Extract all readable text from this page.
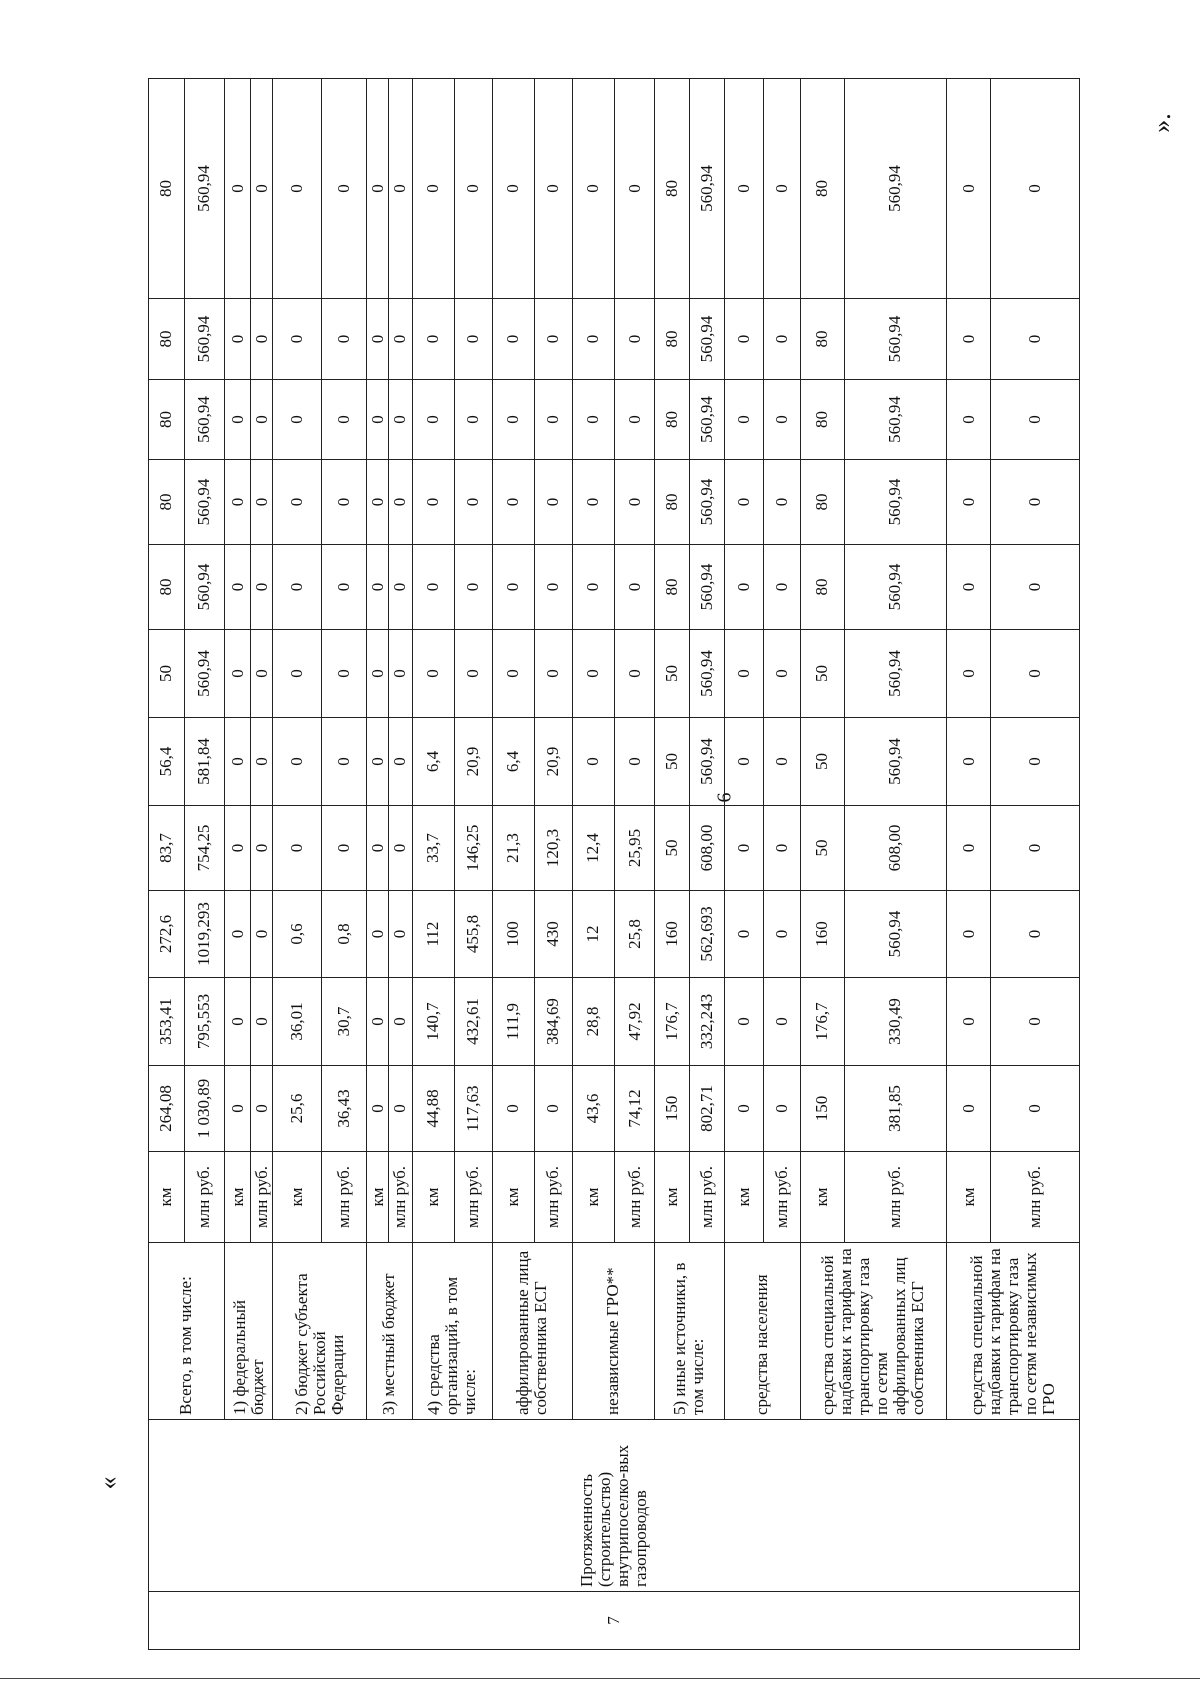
6
«
».
7	Протяженность (строительство) внутрипоселко-вых газопроводов	Всего, в том числе:	км	264,08	353,41	272,6	83,7	56,4	50	80	80	80	80	80
			млн руб.	1 030,89	795,553	1019,293	754,25	581,84	560,94	560,94	560,94	560,94	560,94	560,94
		1) федеральный бюджет	км	0	0	0	0	0	0	0	0	0	0	0
			млн руб.	0	0	0	0	0	0	0	0	0	0	0
		2) бюджет субъекта Российской Федерации	км	25,6	36,01	0,6	0	0	0	0	0	0	0	0
			млн руб.	36,43	30,7	0,8	0	0	0	0	0	0	0	0
		3) местный бюджет	км	0	0	0	0	0	0	0	0	0	0	0
			млн руб.	0	0	0	0	0	0	0	0	0	0	0
		4) средства организаций, в том числе:	км	44,88	140,7	112	33,7	6,4	0	0	0	0	0	0
			млн руб.	117,63	432,61	455,8	146,25	20,9	0	0	0	0	0	0
		аффилированные лица собственника ЕСГ	км	0	111,9	100	21,3	6,4	0	0	0	0	0	0
			млн руб.	0	384,69	430	120,3	20,9	0	0	0	0	0	0
		независимые ГРО**	км	43,6	28,8	12	12,4	0	0	0	0	0	0	0
			млн руб.	74,12	47,92	25,8	25,95	0	0	0	0	0	0	0
		5) иные источники, в том числе:	км	150	176,7	160	50	50	50	80	80	80	80	80
			млн руб.	802,71	332,243	562,693	608,00	560,94	560,94	560,94	560,94	560,94	560,94	560,94
		средства населения	км	0	0	0	0	0	0	0	0	0	0	0
			млн руб.	0	0	0	0	0	0	0	0	0	0	0
		средства специальной надбавки к тарифам на транспортировку газа по сетям аффилированных лиц собственника ЕСГ	км	150	176,7	160	50	50	50	80	80	80	80	80
			млн руб.	381,85	330,49	560,94	608,00	560,94	560,94	560,94	560,94	560,94	560,94	560,94
		средства специальной надбавки к тарифам на транспортировку газа по сетям независимых ГРО	км	0	0	0	0	0	0	0	0	0	0	0
			млн руб.	0	0	0	0	0	0	0	0	0	0	0
